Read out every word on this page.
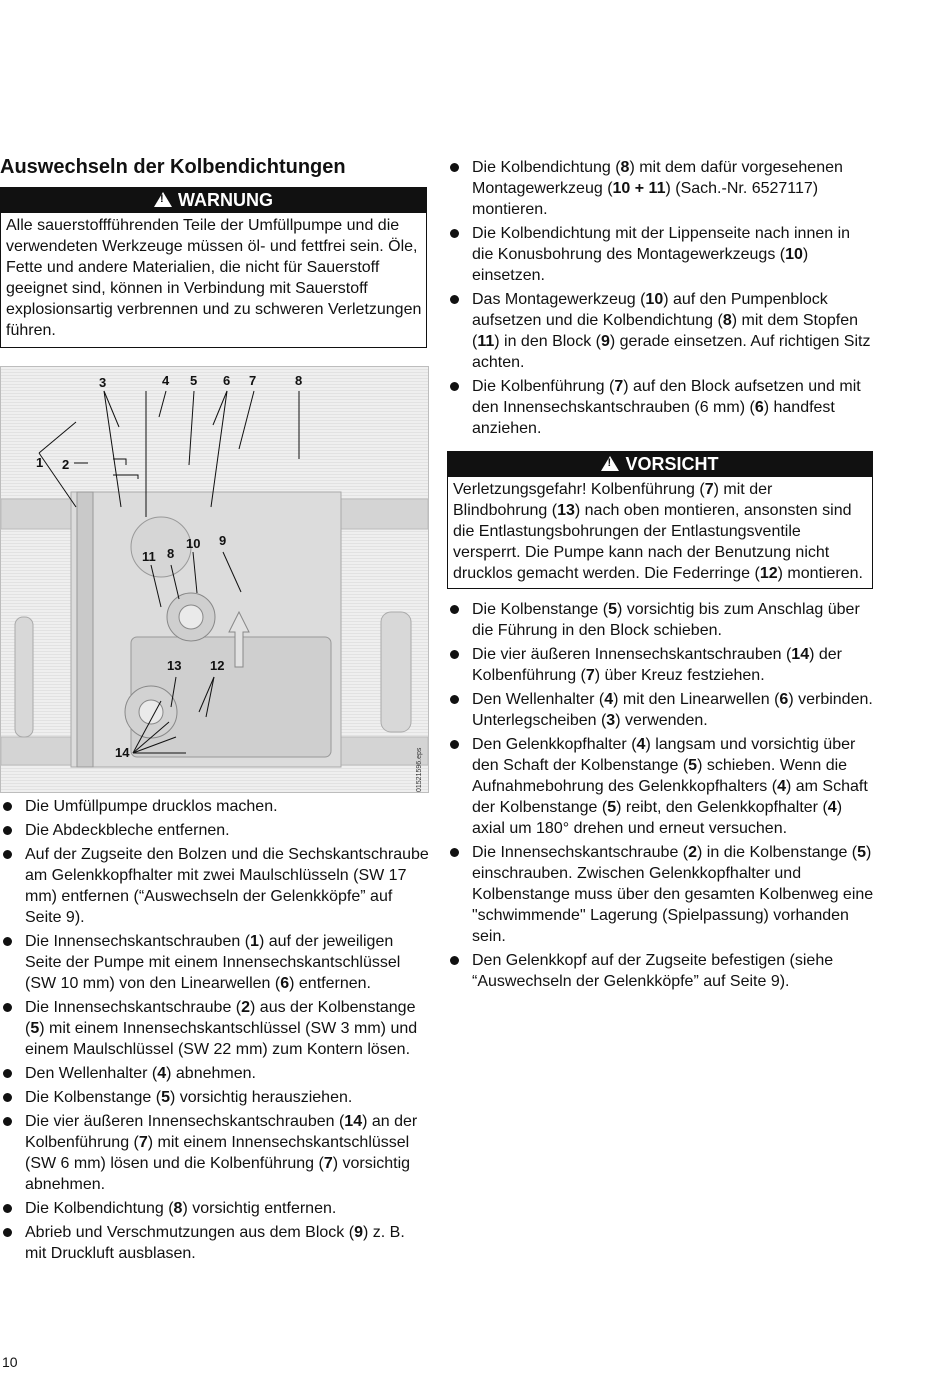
Auswechseln der Kolbendichtungen
!WARNUNG
Alle sauerstoffführenden Teile der Umfüllpumpe und die verwendeten Werkzeuge müssen öl- und fettfrei sein. Öle, Fette und andere Materialien, die nicht für Sauerstoff geeignet sind, können in Verbindung mit Sauerstoff explosionsartig verbrennen und zu schweren Verletzungen führen.
3	4 5 6 7	8
1 2
9
10
11 8
13 12
14	01521596.eps
Die Umfüllpumpe drucklos machen.
Die Abdeckbleche entfernen.
Auf der Zugseite den Bolzen und die Sechskantschraube am Gelenkkopfhalter mit zwei Maulschlüsseln (SW 17 mm) entfernen (“Auswechseln der Gelenkköpfe” auf Seite 9).
Die Innensechskantschrauben (1) auf der jeweiligen Seite der Pumpe mit einem Innensechskantschlüssel (SW 10 mm) von den Linearwellen (6) entfernen.
Die Innensechskantschraube (2) aus der Kolbenstange (5) mit einem Innensechskantschlüssel (SW 3 mm) und einem Maulschlüssel (SW 22 mm) zum Kontern lösen.
Den Wellenhalter (4) abnehmen.
Die Kolbenstange (5) vorsichtig herausziehen.
Die vier äußeren Innensechskantschrauben (14) an der Kolbenführung (7) mit einem Innensechskantschlüssel (SW 6 mm) lösen und die Kolbenführung (7) vorsichtig abnehmen.
Die Kolbendichtung (8) vorsichtig entfernen.
Abrieb und Verschmutzungen aus dem Block (9) z. B. mit Druckluft ausblasen.
Die Kolbendichtung (8) mit dem dafür vorgesehenen Montagewerkzeug (10 + 11) (Sach.-Nr. 6527117) montieren.
Die Kolbendichtung mit der Lippenseite nach innen in die Konusbohrung des Montagewerkzeugs (10) einsetzen.
Das Montagewerkzeug (10) auf den Pumpenblock aufsetzen und die Kolbendichtung (8) mit dem Stopfen (11) in den Block (9) gerade einsetzen. Auf richtigen Sitz achten.
Die Kolbenführung (7) auf den Block aufsetzen und mit den Innensechskantschrauben (6 mm) (6) handfest anziehen.
!VORSICHT
Verletzungsgefahr! Kolbenführung (7) mit der Blindbohrung (13) nach oben montieren, ansonsten sind die Entlastungsbohrungen der Entlastungsventile versperrt. Die Pumpe kann nach der Benutzung nicht drucklos gemacht werden. Die Federringe (12) montieren.
Die Kolbenstange (5) vorsichtig bis zum Anschlag über die Führung in den Block schieben.
Die vier äußeren Innensechskantschrauben (14) der Kolbenführung (7) über Kreuz festziehen.
Den Wellenhalter (4) mit den Linearwellen (6) verbinden. Unterlegscheiben (3) verwenden.
Den Gelenkkopfhalter (4) langsam und vorsichtig über den Schaft der Kolbenstange (5) schieben. Wenn die Aufnahmebohrung des Gelenkkopfhalters (4) am Schaft der Kolbenstange (5) reibt, den Gelenkkopfhalter (4) axial um 180° drehen und erneut versuchen.
Die Innensechskantschraube (2) in die Kolbenstange (5) einschrauben. Zwischen Gelenkkopfhalter und Kolbenstange muss über den gesamten Kolbenweg eine "schwimmende" Lagerung (Spielpassung) vorhanden sein.
Den Gelenkkopf auf der Zugseite befestigen (siehe “Auswechseln der Gelenkköpfe” auf Seite 9).
10
